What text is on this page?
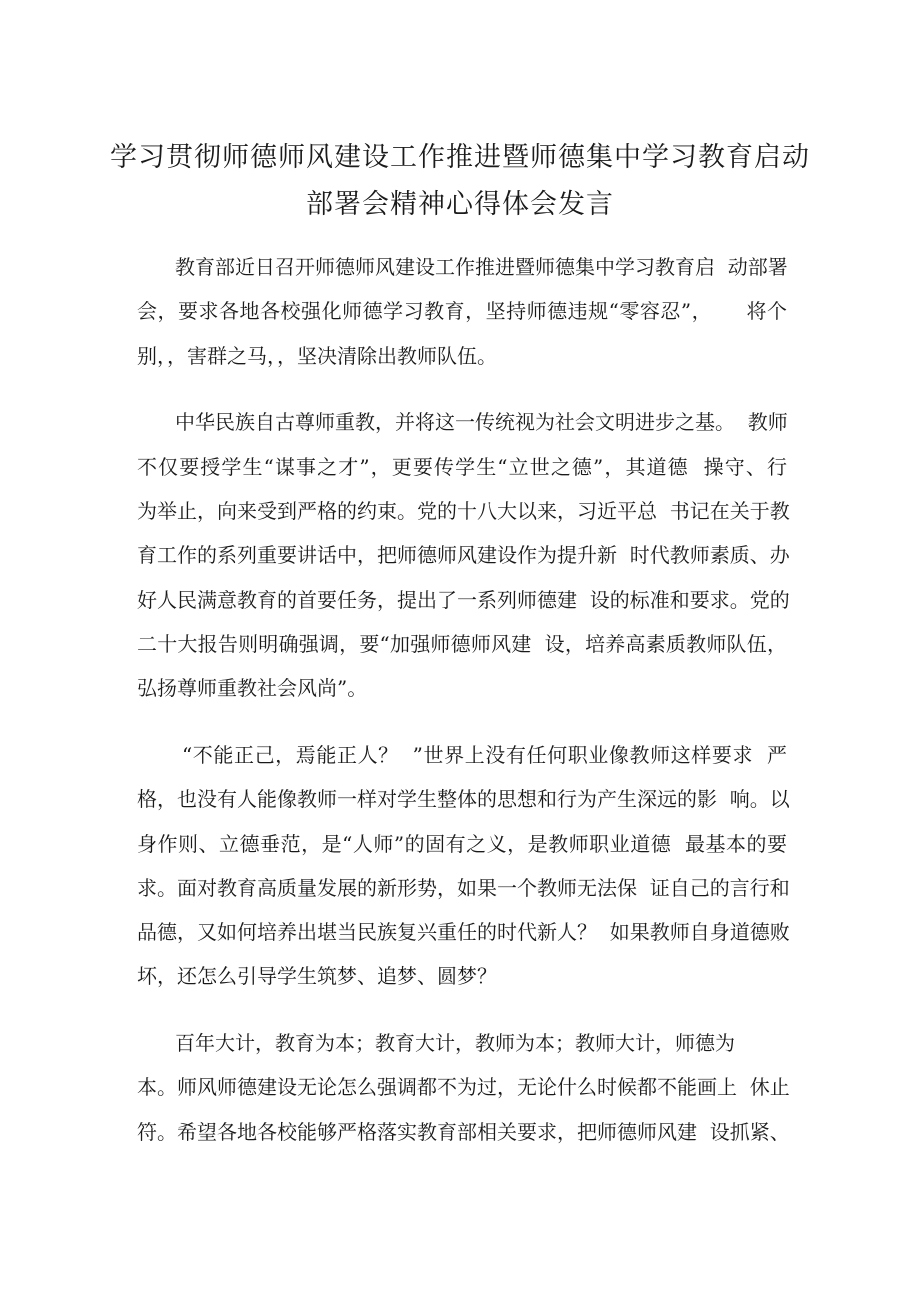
学习贯彻师德师风建设工作推进暨师德集中学习教育启动
部署会精神心得体会发言
教育部近日召开师德师风建设工作推进暨师德集中学习教育启  动部署
会，要求各地各校强化师德学习教育，坚持师德违规“零容忍”，     将个
别，，害群之马，，坚决清除出教师队伍。
中华民族自古尊师重教，并将这一传统视为社会文明进步之基。  教师
不仅要授学生“谋事之才”，更要传学生“立世之德”，其道德  操守、行
为举止，向来受到严格的约束。党的十八大以来，习近平总  书记在关于教
育工作的系列重要讲话中，把师德师风建设作为提升新  时代教师素质、办
好人民满意教育的首要任务，提出了一系列师德建  设的标准和要求。党的
二十大报告则明确强调，要“加强师德师风建  设，培养高素质教师队伍，
弘扬尊师重教社会风尚”。
“不能正己，焉能正人？  ”世界上没有任何职业像教师这样要求  严
格，也没有人能像教师一样对学生整体的思想和行为产生深远的影  响。以
身作则、立德垂范，是“人师”的固有之义，是教师职业道德  最基本的要
求。面对教育高质量发展的新形势，如果一个教师无法保  证自己的言行和
品德，又如何培养出堪当民族复兴重任的时代新人？  如果教师自身道德败
坏，还怎么引导学生筑梦、追梦、圆梦？
百年大计，教育为本；教育大计，教师为本；教师大计，师德为
本。师风师德建设无论怎么强调都不为过，无论什么时候都不能画上  休止
符。希望各地各校能够严格落实教育部相关要求，把师德师风建  设抓紧、
